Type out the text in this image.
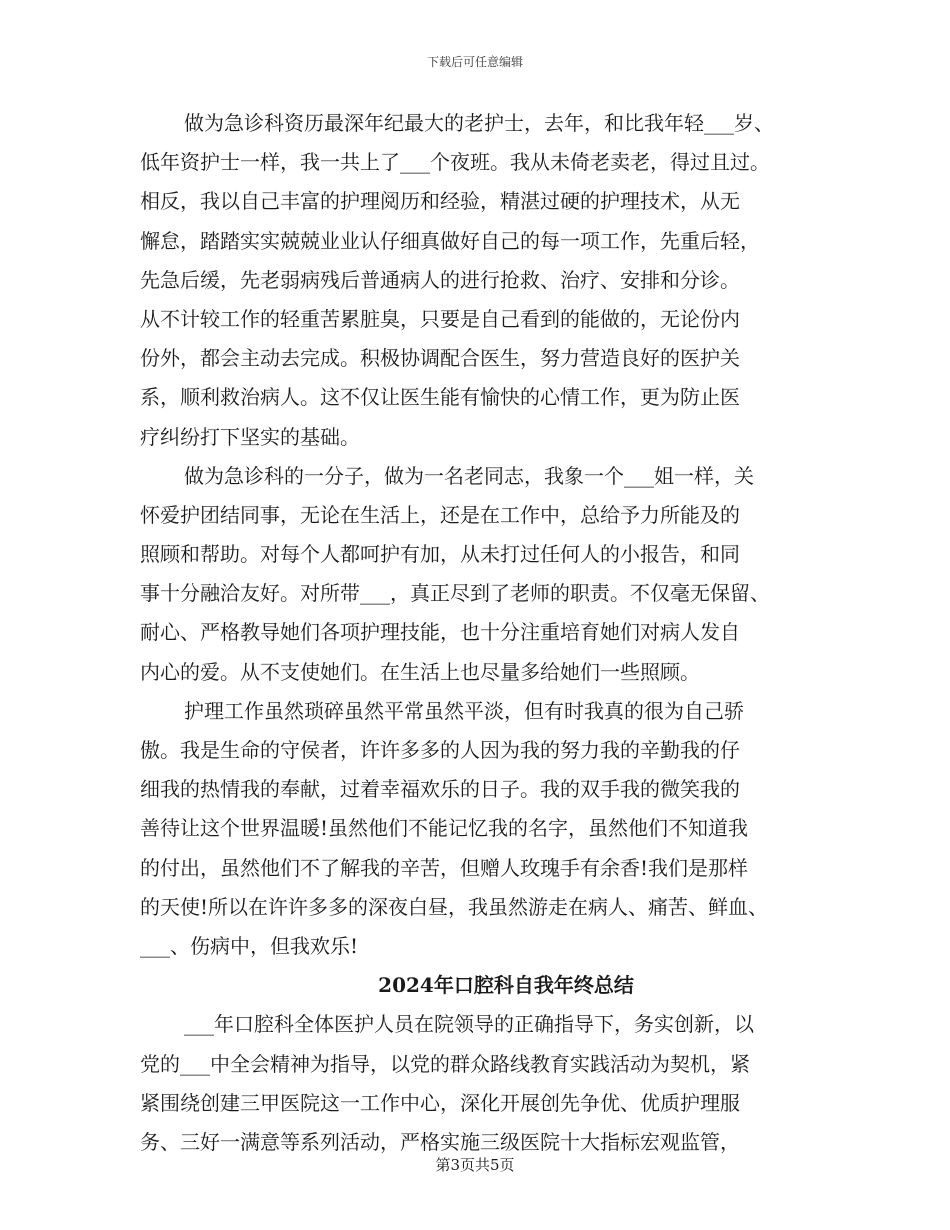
下载后可任意编辑
做为急诊科资历最深年纪最大的老护士，去年，和比我年轻___岁、
低年资护士一样，我一共上了___个夜班。我从未倚老卖老，得过且过。
相反，我以自己丰富的护理阅历和经验，精湛过硬的护理技术，从无
懈怠，踏踏实实兢兢业业认仔细真做好自己的每一项工作，先重后轻，
先急后缓，先老弱病残后普通病人的进行抢救、治疗、安排和分诊。
从不计较工作的轻重苦累脏臭，只要是自己看到的能做的，无论份内
份外，都会主动去完成。积极协调配合医生，努力营造良好的医护关
系，顺利救治病人。这不仅让医生能有愉快的心情工作，更为防止医
疗纠纷打下坚实的基础。
做为急诊科的一分子，做为一名老同志，我象一个___姐一样，关
怀爱护团结同事，无论在生活上，还是在工作中，总给予力所能及的
照顾和帮助。对每个人都呵护有加，从未打过任何人的小报告，和同
事十分融洽友好。对所带___，真正尽到了老师的职责。不仅毫无保留、
耐心、严格教导她们各项护理技能，也十分注重培育她们对病人发自
内心的爱。从不支使她们。在生活上也尽量多给她们一些照顾。
护理工作虽然琐碎虽然平常虽然平淡，但有时我真的很为自己骄
傲。我是生命的守侯者，许许多多的人因为我的努力我的辛勤我的仔
细我的热情我的奉献，过着幸福欢乐的日子。我的双手我的微笑我的
善待让这个世界温暖!虽然他们不能记忆我的名字，虽然他们不知道我
的付出，虽然他们不了解我的辛苦，但赠人玫瑰手有余香!我们是那样
的天使!所以在许许多多的深夜白昼，我虽然游走在病人、痛苦、鲜血、
___、伤病中，但我欢乐!
2024年口腔科自我年终总结
___年口腔科全体医护人员在院领导的正确指导下，务实创新，以
党的___中全会精神为指导，以党的群众路线教育实践活动为契机，紧
紧围绕创建三甲医院这一工作中心，深化开展创先争优、优质护理服
务、三好一满意等系列活动，严格实施三级医院十大指标宏观监管，
第3页共5页
